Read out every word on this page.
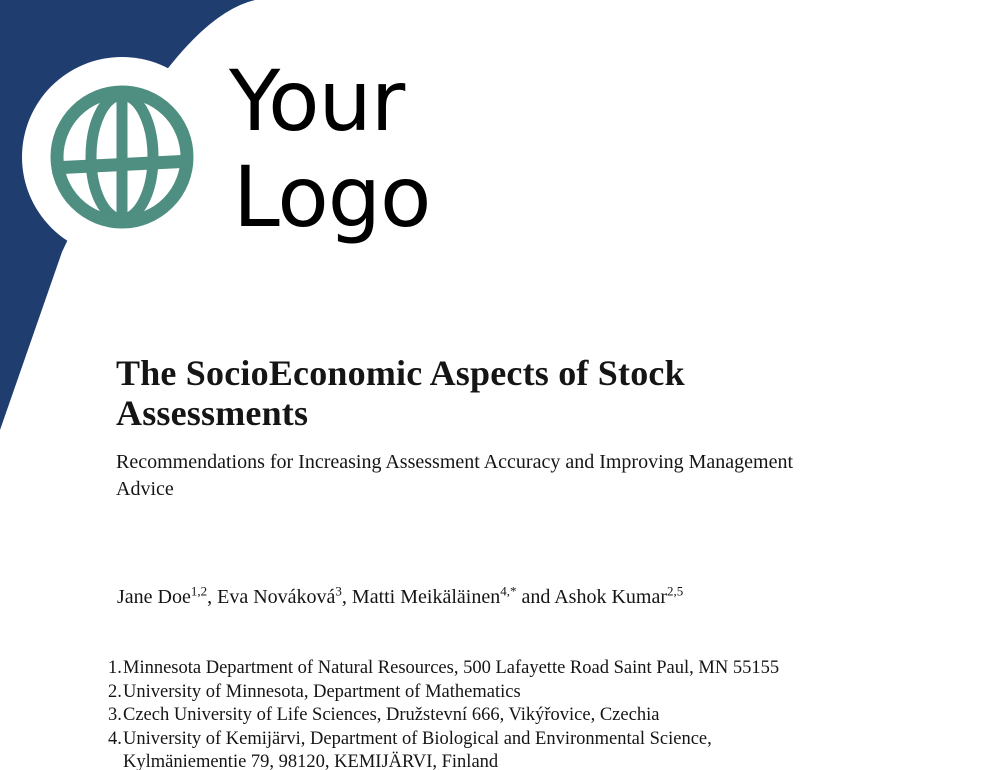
Your
Logo
The SocioEconomic Aspects of Stock
Assessments
Recommendations for Increasing Assessment Accuracy and Improving Management
Advice
Jane Doe$^{1,2}$, Eva Nováková$^3$, Matti Meikäläinen$^{4,*}$ and Ashok Kumar$^{2,5}$
1. Minnesota Department of Natural Resources, 500 Lafayette Road Saint Paul, MN 55155
2. University of Minnesota, Department of Mathematics
3. Czech University of Life Sciences, Družstevní 666, Vikýřovice, Czechia
4. University of Kemijärvi, Department of Biological and Environmental Science,
Kylmäniementie 79, 98120, KEMIJÄRVI, Finland
